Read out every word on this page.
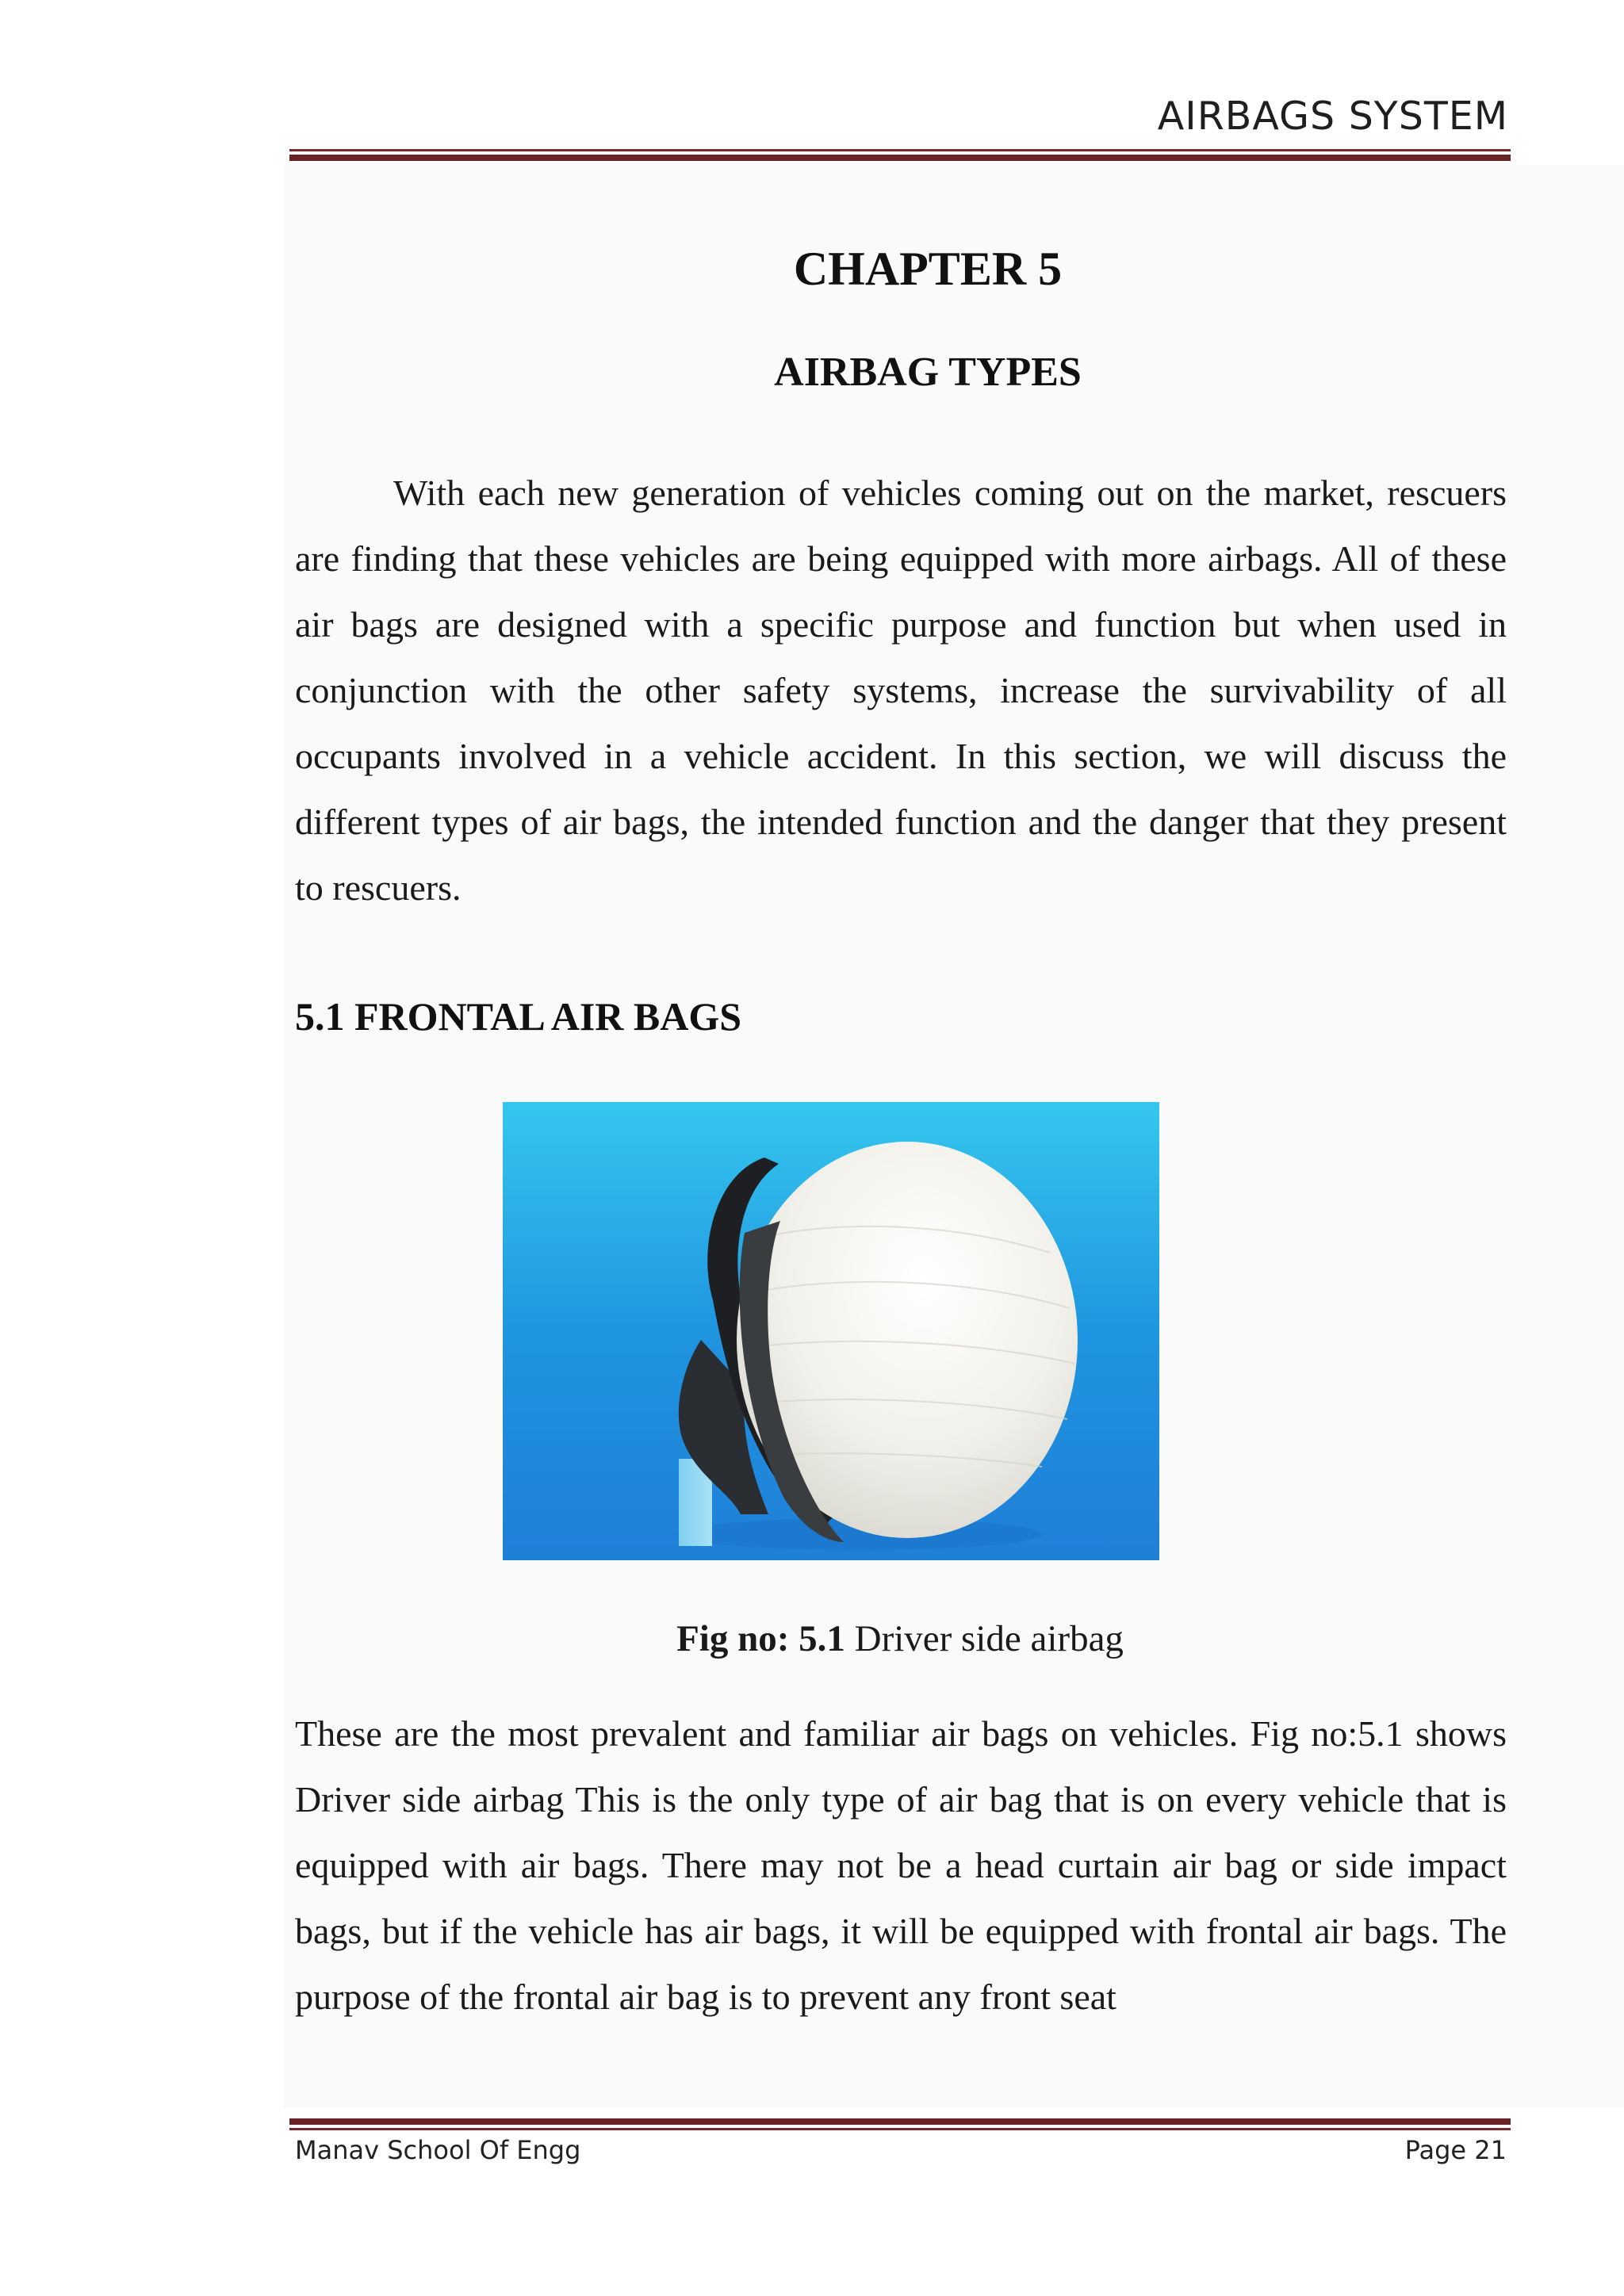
AIRBAGS SYSTEM
CHAPTER 5
AIRBAG TYPES

With each new generation of vehicles coming out on the market, rescuers are finding that these vehicles are being equipped with more airbags. All of these air bags are designed with a specific purpose and function but when used in conjunction with the other safety systems, increase the survivability of all occupants involved in a vehicle accident. In this section, we will discuss the different types of air bags, the intended function and the danger that they present to rescuers.

5.1 FRONTAL AIR BAGS
Fig no: 5.1 Driver side airbag

These are the most prevalent and familiar air bags on vehicles. Fig no:5.1 shows Driver side airbag This is the only type of air bag that is on every vehicle that is equipped with air bags. There may not be a head curtain air bag or side impact bags, but if the vehicle has air bags, it will be equipped with frontal air bags. The purpose of the frontal air bag is to prevent any front seat

Manav School Of Engg	Page 21
